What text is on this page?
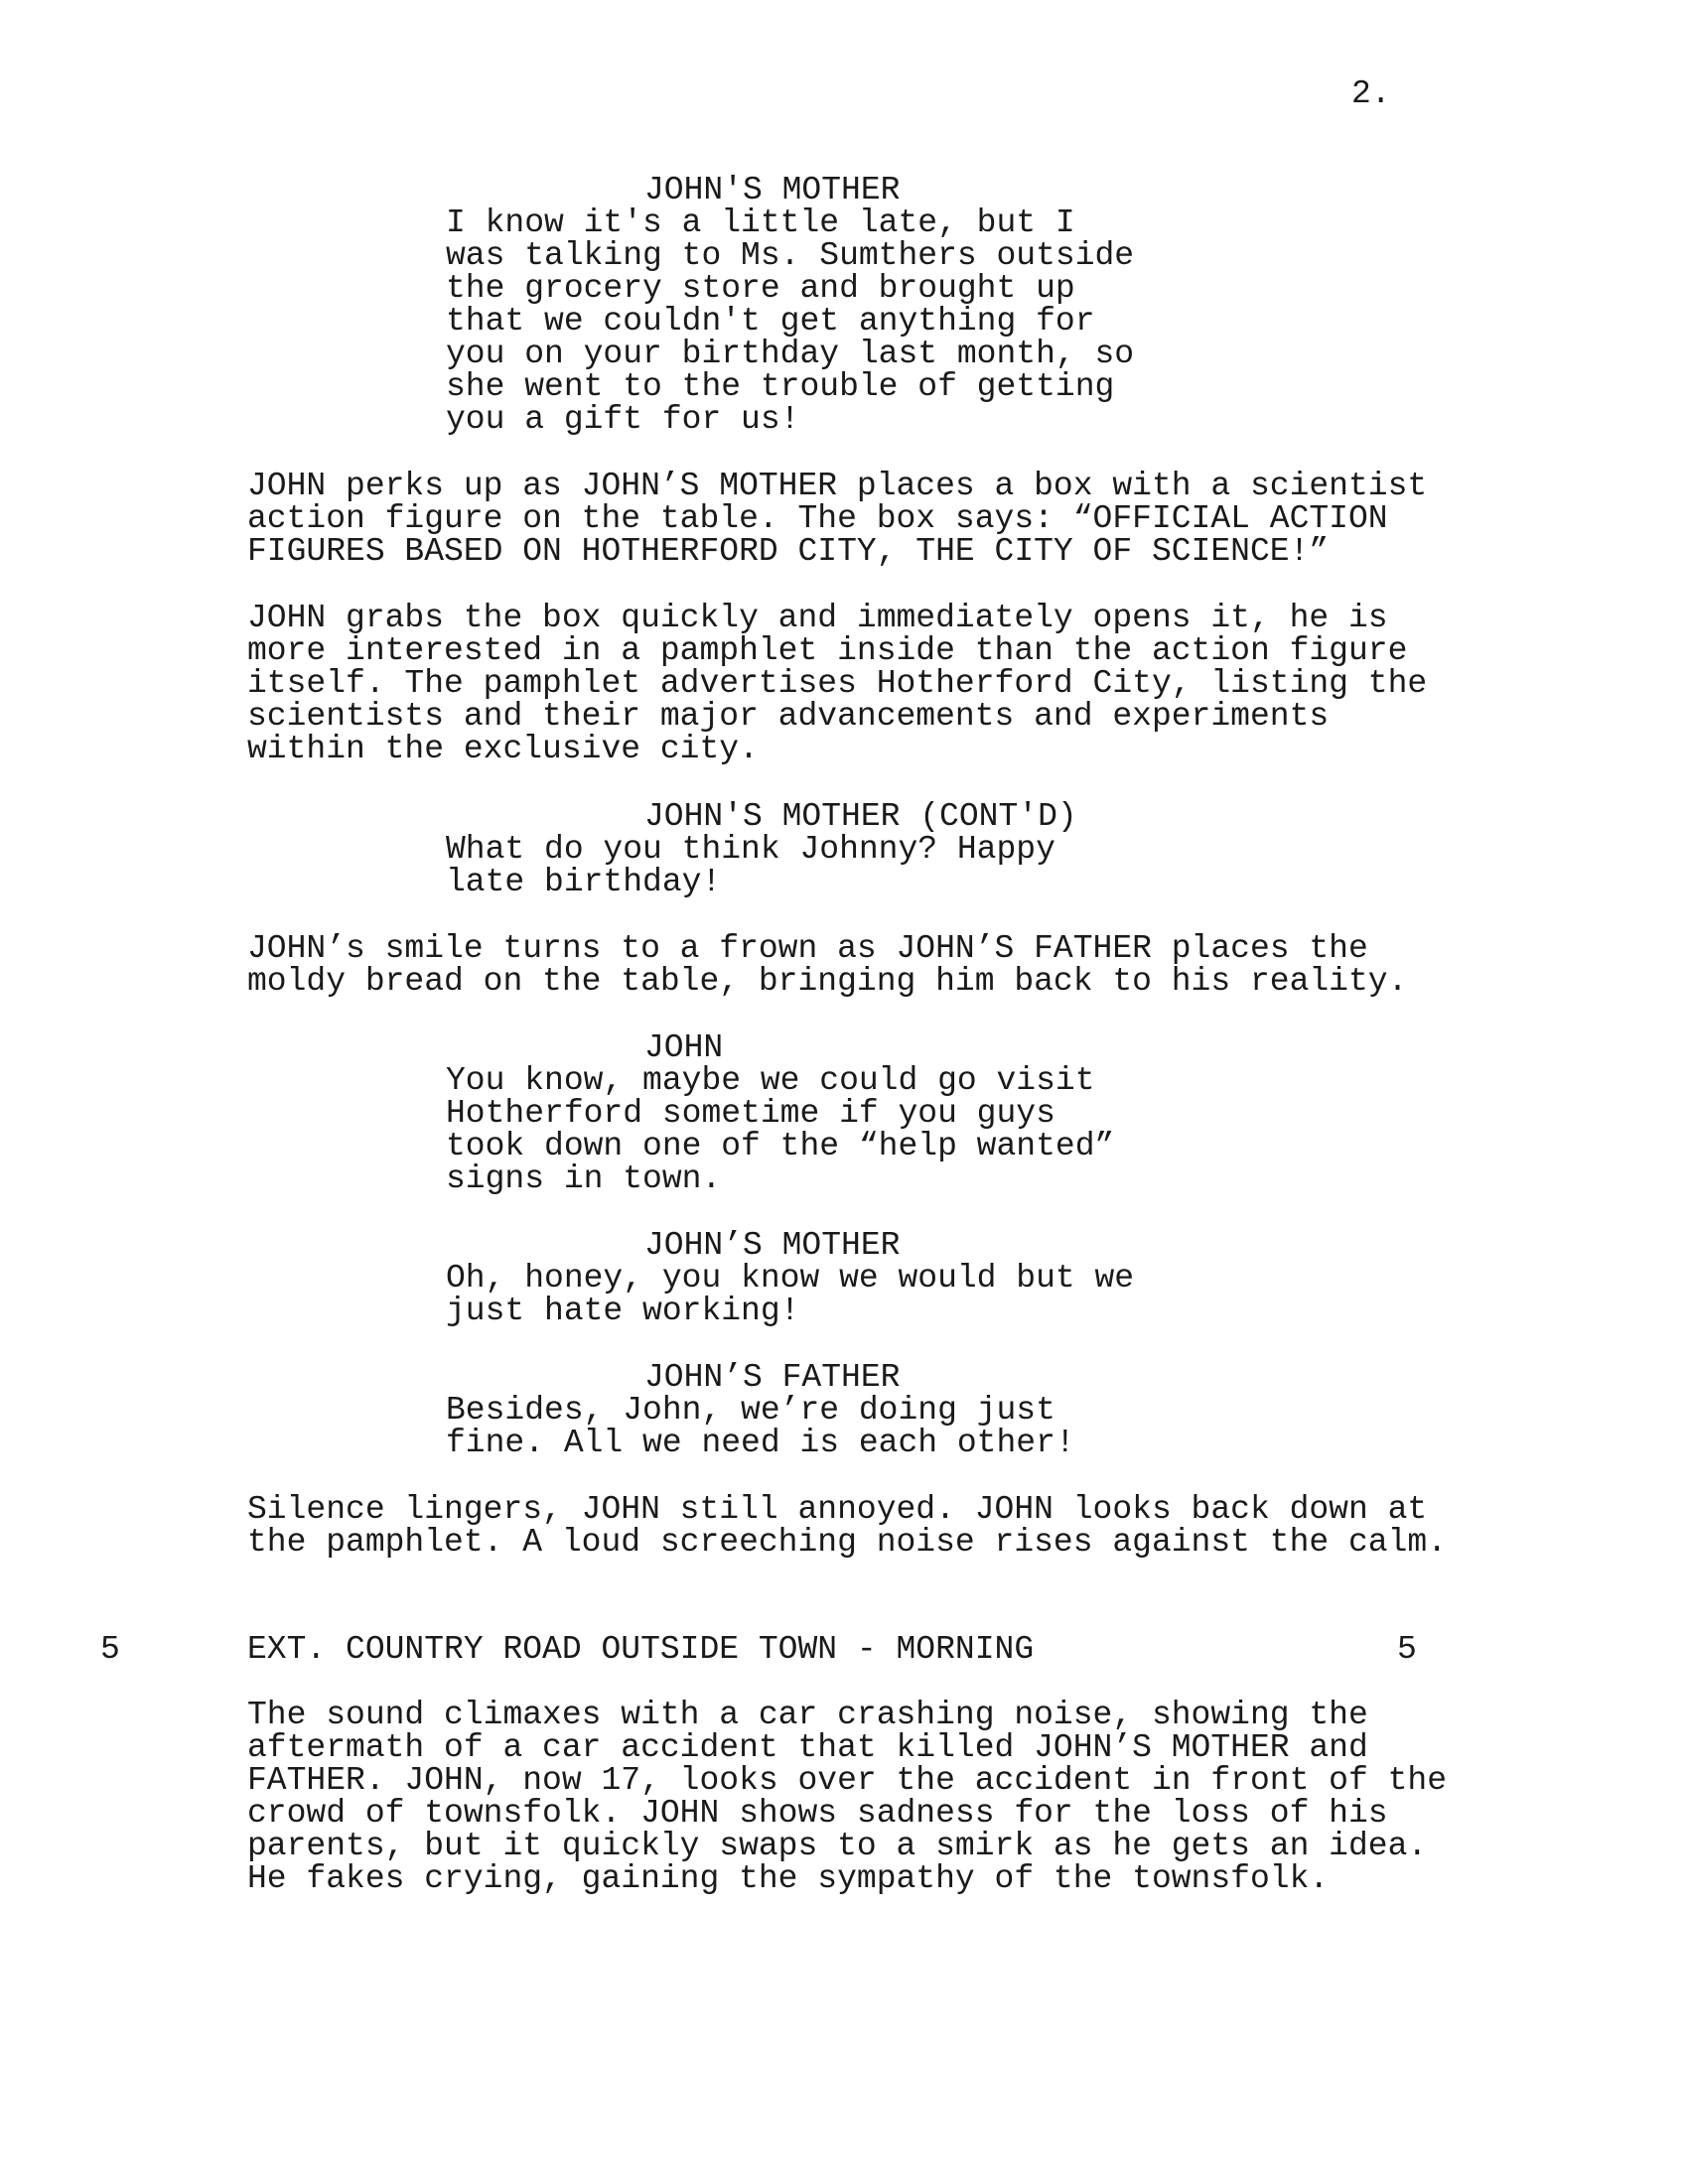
2.
JOHN'S MOTHER
I know it's a little late, but I
was talking to Ms. Sumthers outside
the grocery store and brought up
that we couldn't get anything for
you on your birthday last month, so
she went to the trouble of getting
you a gift for us!
JOHN perks up as JOHN’S MOTHER places a box with a scientist
action figure on the table. The box says: “OFFICIAL ACTION
FIGURES BASED ON HOTHERFORD CITY, THE CITY OF SCIENCE!”
JOHN grabs the box quickly and immediately opens it, he is
more interested in a pamphlet inside than the action figure
itself. The pamphlet advertises Hotherford City, listing the
scientists and their major advancements and experiments
within the exclusive city.
JOHN'S MOTHER (CONT'D)
What do you think Johnny? Happy
late birthday!
JOHN’s smile turns to a frown as JOHN’S FATHER places the
moldy bread on the table, bringing him back to his reality.
JOHN
You know, maybe we could go visit
Hotherford sometime if you guys
took down one of the “help wanted”
signs in town.
JOHN’S MOTHER
Oh, honey, you know we would but we
just hate working!
JOHN’S FATHER
Besides, John, we’re doing just
fine. All we need is each other!
Silence lingers, JOHN still annoyed. JOHN looks back down at
the pamphlet. A loud screeching noise rises against the calm.
5	EXT. COUNTRY ROAD OUTSIDE TOWN - MORNING	5
The sound climaxes with a car crashing noise, showing the
aftermath of a car accident that killed JOHN’S MOTHER and
FATHER. JOHN, now 17, looks over the accident in front of the
crowd of townsfolk. JOHN shows sadness for the loss of his
parents, but it quickly swaps to a smirk as he gets an idea.
He fakes crying, gaining the sympathy of the townsfolk.
